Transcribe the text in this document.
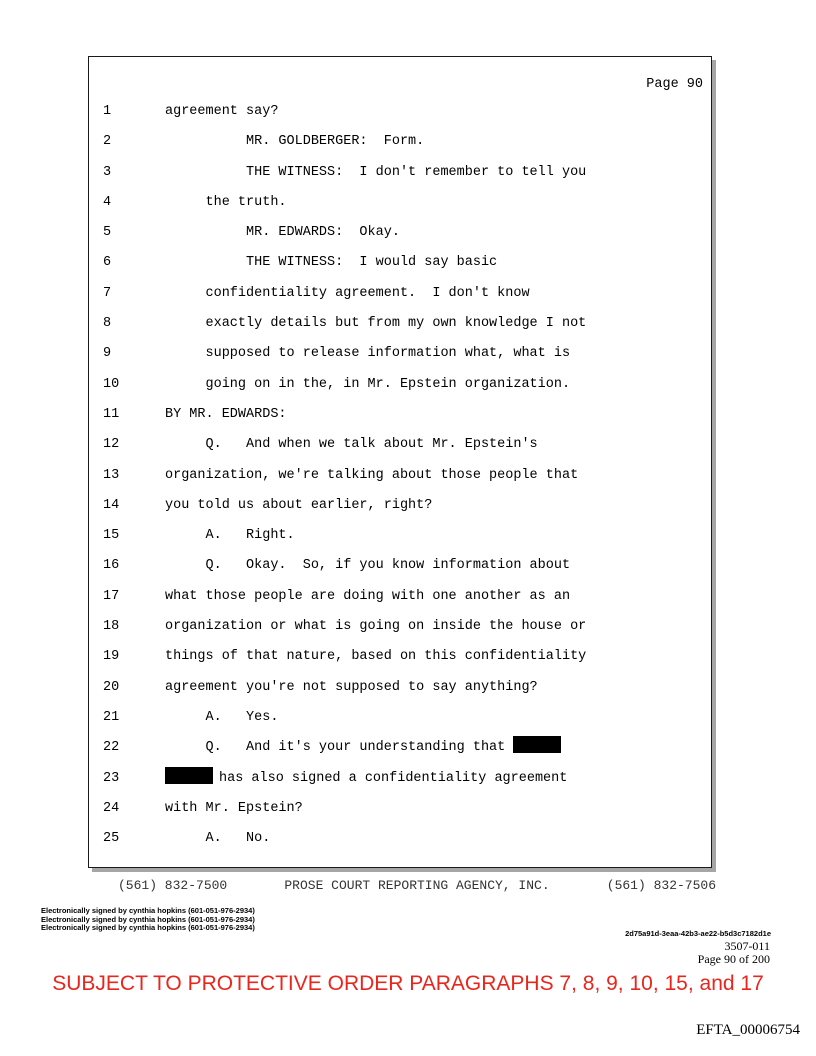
Page 90
1	agreement say?
2	MR. GOLDBERGER:  Form.
3	THE WITNESS:  I don't remember to tell you
4	the truth.
5	MR. EDWARDS:  Okay.
6	THE WITNESS:  I would say basic
7	confidentiality agreement.  I don't know
8	exactly details but from my own knowledge I not
9	supposed to release information what, what is
10	going on in the, in Mr. Epstein organization.
11	BY MR. EDWARDS:
12	Q.   And when we talk about Mr. Epstein's
13	organization, we're talking about those people that
14	you told us about earlier, right?
15	A.   Right.
16	Q.   Okay.  So, if you know information about
17	what those people are doing with one another as an
18	organization or what is going on inside the house or
19	things of that nature, based on this confidentiality
20	agreement you're not supposed to say anything?
21	A.   Yes.
22	Q.   And it's your understanding that
23	has also signed a confidentiality agreement
24	with Mr. Epstein?
25	A.   No.
(561) 832-7500	PROSE COURT REPORTING AGENCY, INC.	(561) 832-7506
Electronically signed by cynthia hopkins (601-051-976-2934)
Electronically signed by cynthia hopkins (601-051-976-2934)
Electronically signed by cynthia hopkins (601-051-976-2934)
2d75a91d-3eaa-42b3-ae22-b5d3c7182d1e
3507-011
Page 90 of 200
SUBJECT TO PROTECTIVE ORDER PARAGRAPHS 7, 8, 9, 10, 15, and 17
EFTA_00006754
